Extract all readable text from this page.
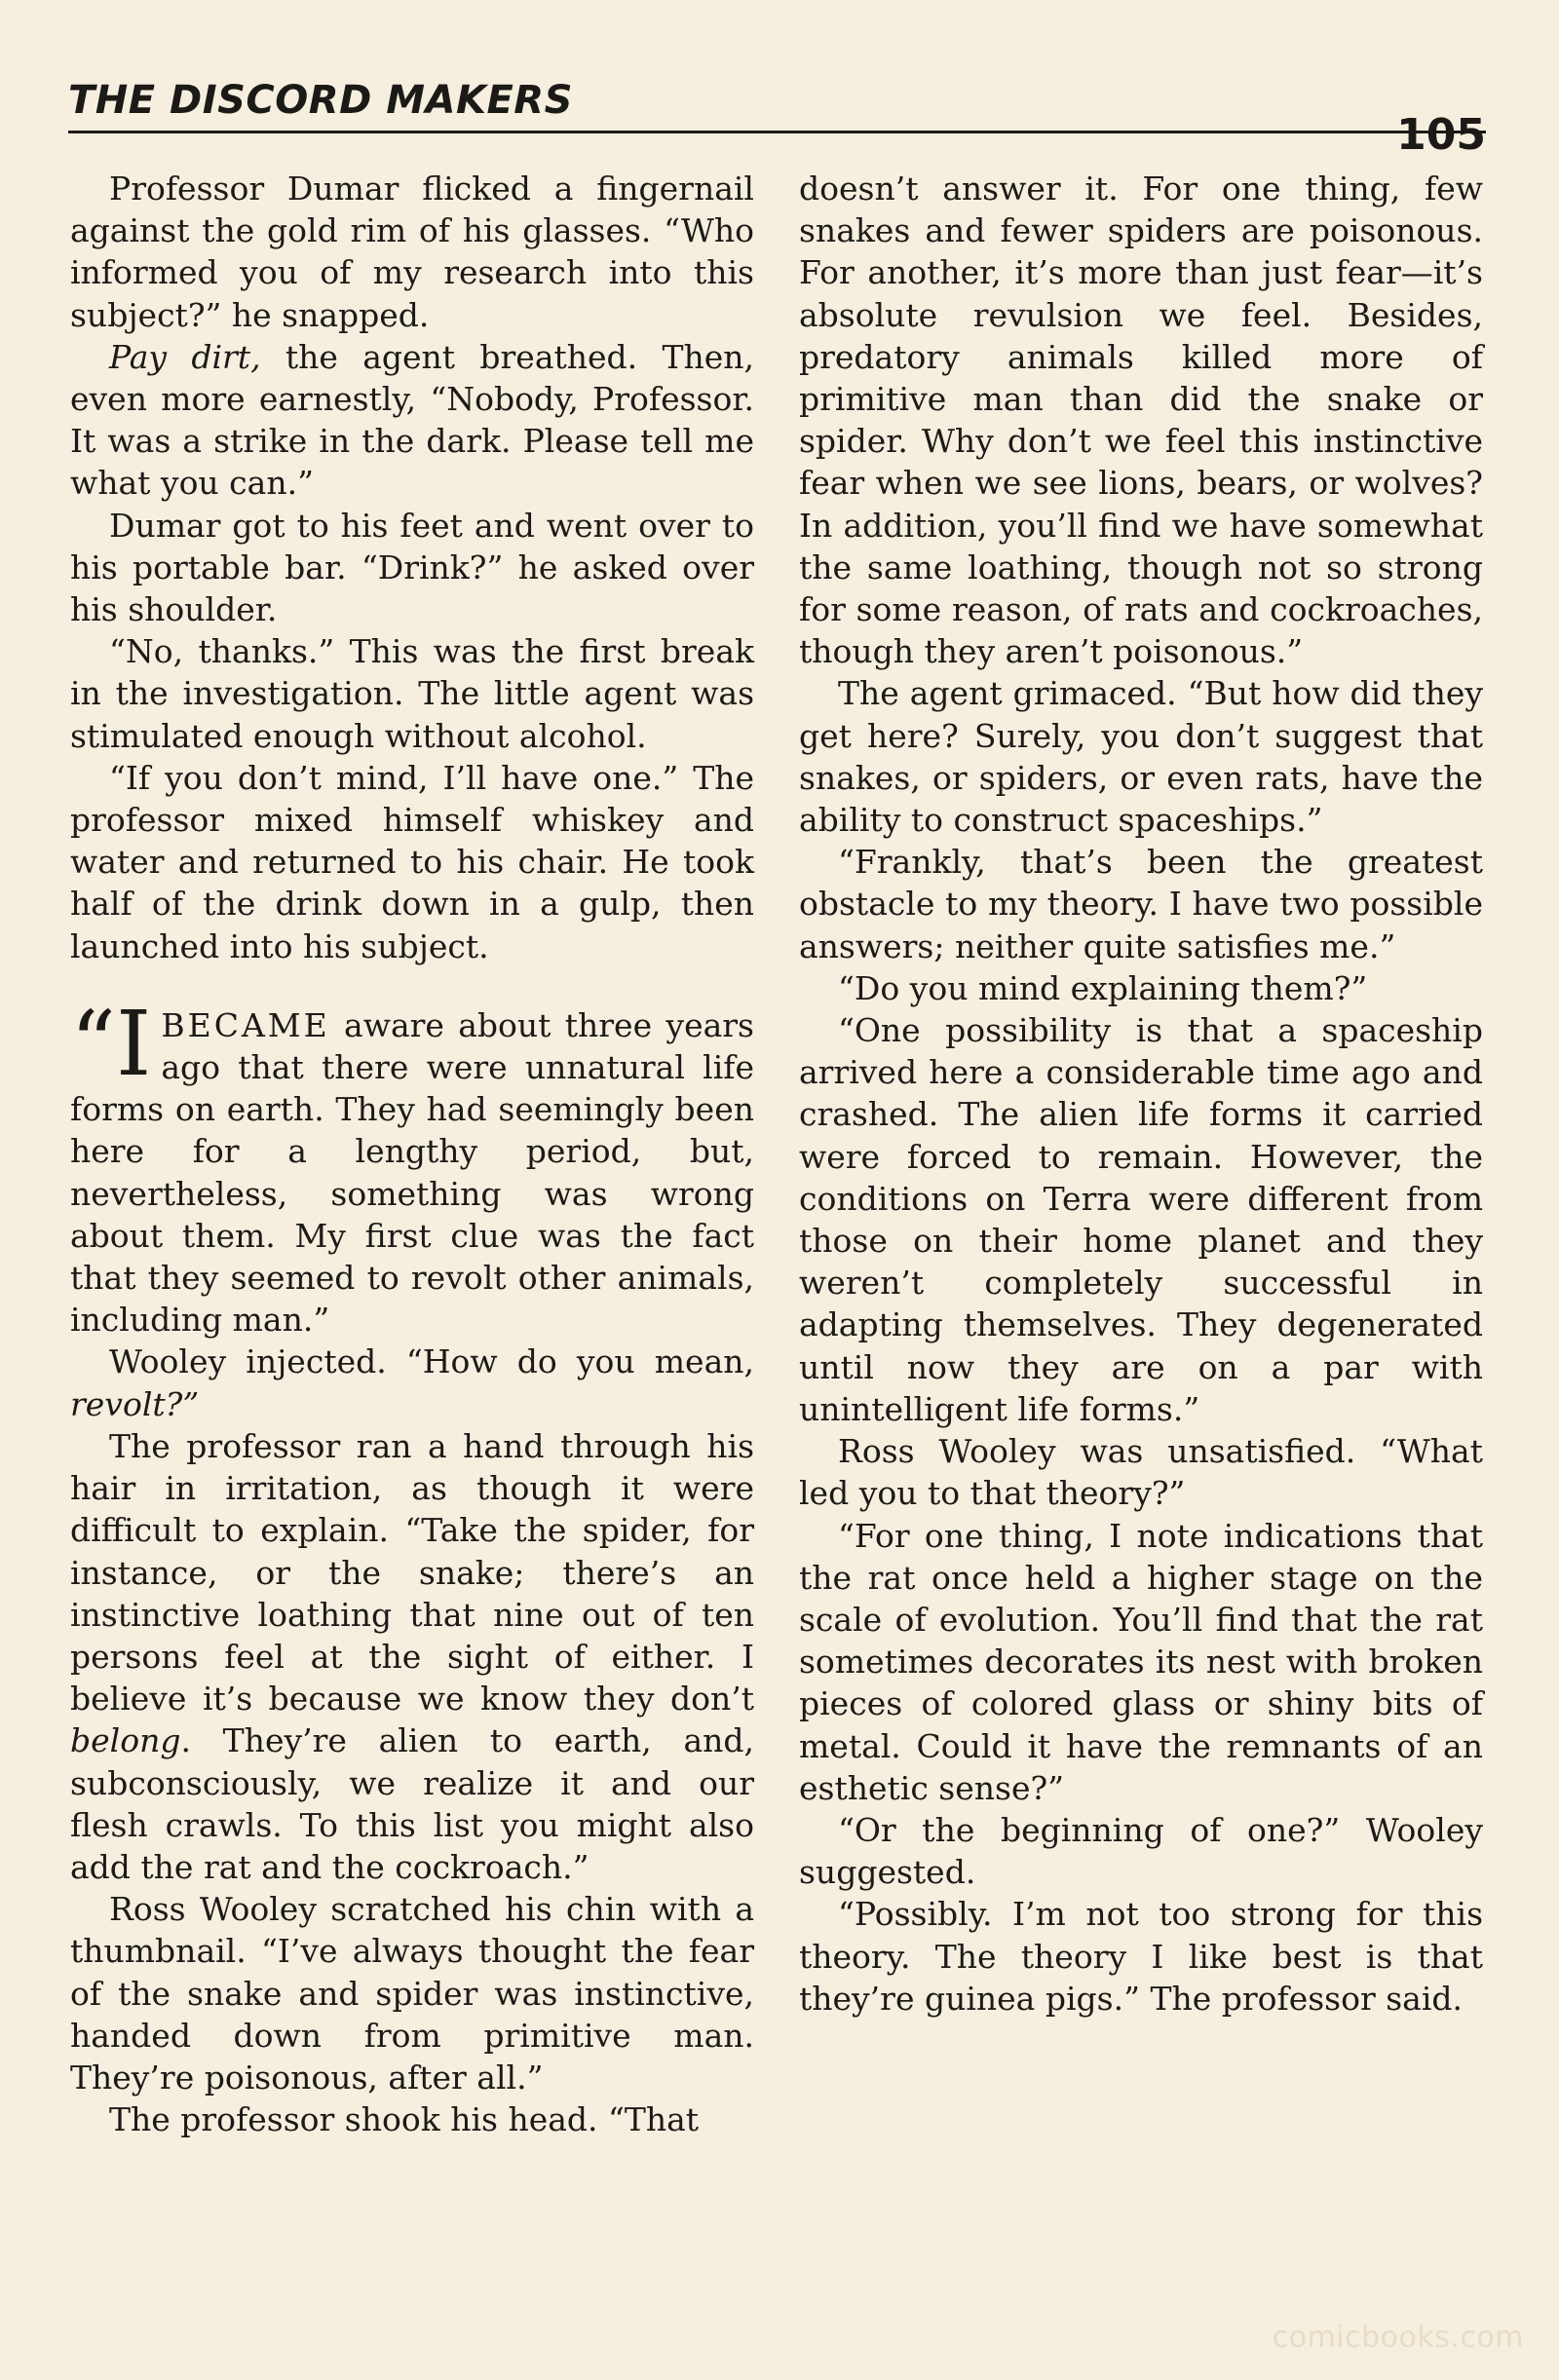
THE DISCORD MAKERS
105

Professor Dumar flicked a fingernail against the gold rim of his glasses. “Who informed you of my research into this subject?” he snapped.

Pay dirt, the agent breathed. Then, even more earnestly, “Nobody, Professor. It was a strike in the dark. Please tell me what you can.”

Dumar got to his feet and went over to his portable bar. “Drink?” he asked over his shoulder.

“No, thanks.” This was the first break in the investigation. The little agent was stimulated enough without alcohol.

“If you don’t mind, I’ll have one.” The professor mixed himself whiskey and water and returned to his chair. He took half of the drink down in a gulp, then launched into his subject.

“IBECAME aware about three years ago that there were unnatural life forms on earth. They had seemingly been here for a lengthy period, but, nevertheless, something was wrong about them. My first clue was the fact that they seemed to revolt other animals, including man.”

Wooley injected. “How do you mean, revolt?”

The professor ran a hand through his hair in irritation, as though it were difficult to explain. “Take the spider, for instance, or the snake; there’s an instinctive loathing that nine out of ten persons feel at the sight of either. I believe it’s because we know they don’t belong. They’re alien to earth, and, subconsciously, we realize it and our flesh crawls. To this list you might also add the rat and the cockroach.”

Ross Wooley scratched his chin with a thumbnail. “I’ve always thought the fear of the snake and spider was instinctive, handed down from primitive man. They’re poisonous, after all.”

The professor shook his head. “That

doesn’t answer it. For one thing, few snakes and fewer spiders are poisonous. For another, it’s more than just fear—it’s absolute revulsion we feel. Besides, predatory animals killed more of primitive man than did the snake or spider. Why don’t we feel this instinctive fear when we see lions, bears, or wolves? In addition, you’ll find we have somewhat the same loathing, though not so strong for some reason, of rats and cockroaches, though they aren’t poisonous.”

The agent grimaced. “But how did they get here? Surely, you don’t suggest that snakes, or spiders, or even rats, have the ability to construct spaceships.”

“Frankly, that’s been the greatest obstacle to my theory. I have two possible answers; neither quite satisfies me.”

“Do you mind explaining them?”

“One possibility is that a spaceship arrived here a considerable time ago and crashed. The alien life forms it carried were forced to remain. However, the conditions on Terra were different from those on their home planet and they weren’t completely successful in adapting themselves. They degenerated until now they are on a par with unintelligent life forms.”

Ross Wooley was unsatisfied. “What led you to that theory?”

“For one thing, I note indications that the rat once held a higher stage on the scale of evolution. You’ll find that the rat sometimes decorates its nest with broken pieces of colored glass or shiny bits of metal. Could it have the remnants of an esthetic sense?”

“Or the beginning of one?” Wooley suggested.

“Possibly. I’m not too strong for this theory. The theory I like best is that they’re guinea pigs.” The professor said.

comicbooks.com
